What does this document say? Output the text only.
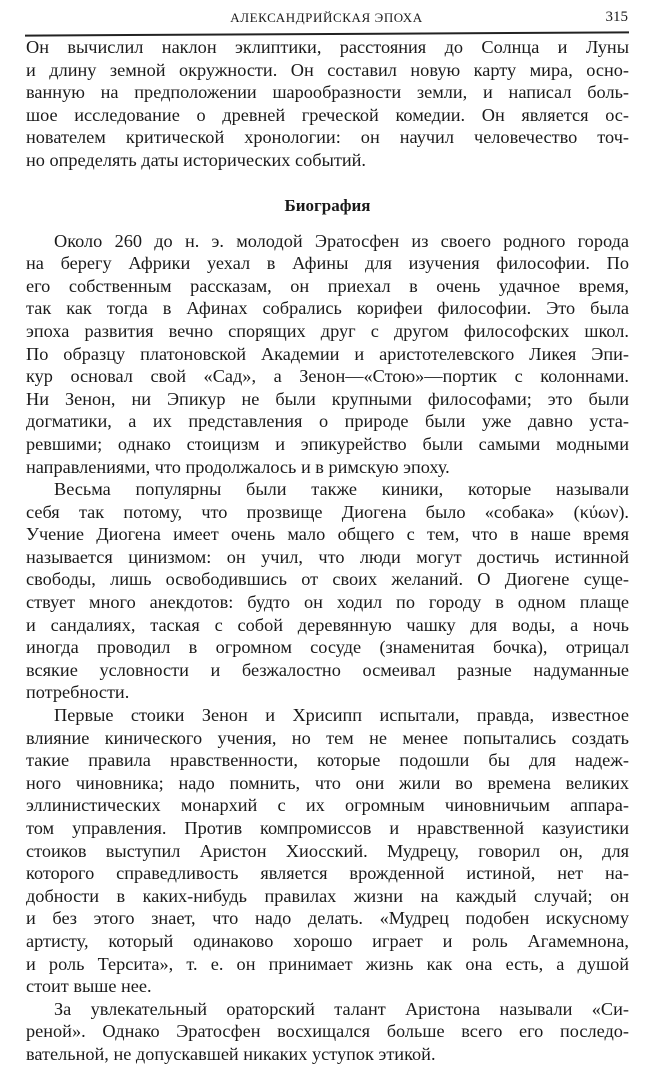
АЛЕКСАНДРИЙСКАЯ ЭПОХА	315
Он вычислил наклон эклиптики, расстояния до Солнца и Луны
и длину земной окружности. Он составил новую карту мира, осно-
ванную на предположении шарообразности земли, и написал боль-
шое исследование о древней греческой комедии. Он является ос-
нователем критической хронологии: он научил человечество точ-
но определять даты исторических событий.
Биография
Около 260 до н. э. молодой Эратосфен из своего родного города
на берегу Африки уехал в Афины для изучения философии. По
его собственным рассказам, он приехал в очень удачное время,
так как тогда в Афинах собрались корифеи философии. Это была
эпоха развития вечно спорящих друг с другом философских школ.
По образцу платоновской Академии и аристотелевского Ликея Эпи-
кур основал свой «Сад», а Зенон—«Стою»—портик с колоннами.
Ни Зенон, ни Эпикур не были крупными философами; это были
догматики, а их представления о природе были уже давно уста-
ревшими; однако стоицизм и эпикурейство были самыми модными
направлениями, что продолжалось и в римскую эпоху.
Весьма популярны были также киники, которые называли
себя так потому, что прозвище Диогена было «собака» (κύων).
Учение Диогена имеет очень мало общего с тем, что в наше время
называется цинизмом: он учил, что люди могут достичь истинной
свободы, лишь освободившись от своих желаний. О Диогене суще-
ствует много анекдотов: будто он ходил по городу в одном плаще
и сандалиях, таская с собой деревянную чашку для воды, а ночь
иногда проводил в огромном сосуде (знаменитая бочка), отрицал
всякие условности и безжалостно осмеивал разные надуманные
потребности.
Первые стоики Зенон и Хрисипп испытали, правда, известное
влияние кинического учения, но тем не менее попытались создать
такие правила нравственности, которые подошли бы для надеж-
ного чиновника; надо помнить, что они жили во времена великих
эллинистических монархий с их огромным чиновничьим аппара-
том управления. Против компромиссов и нравственной казуистики
стоиков выступил Аристон Хиосский. Мудрецу, говорил он, для
которого справедливость является врожденной истиной, нет на-
добности в каких-нибудь правилах жизни на каждый случай; он
и без этого знает, что надо делать. «Мудрец подобен искусному
артисту, который одинаково хорошо играет и роль Агамемнона,
и роль Терсита», т. е. он принимает жизнь как она есть, а душой
стоит выше нее.
За увлекательный ораторский талант Аристона называли «Си-
реной». Однако Эратосфен восхищался больше всего его последо-
вательной, не допускавшей никаких уступок этикой.
